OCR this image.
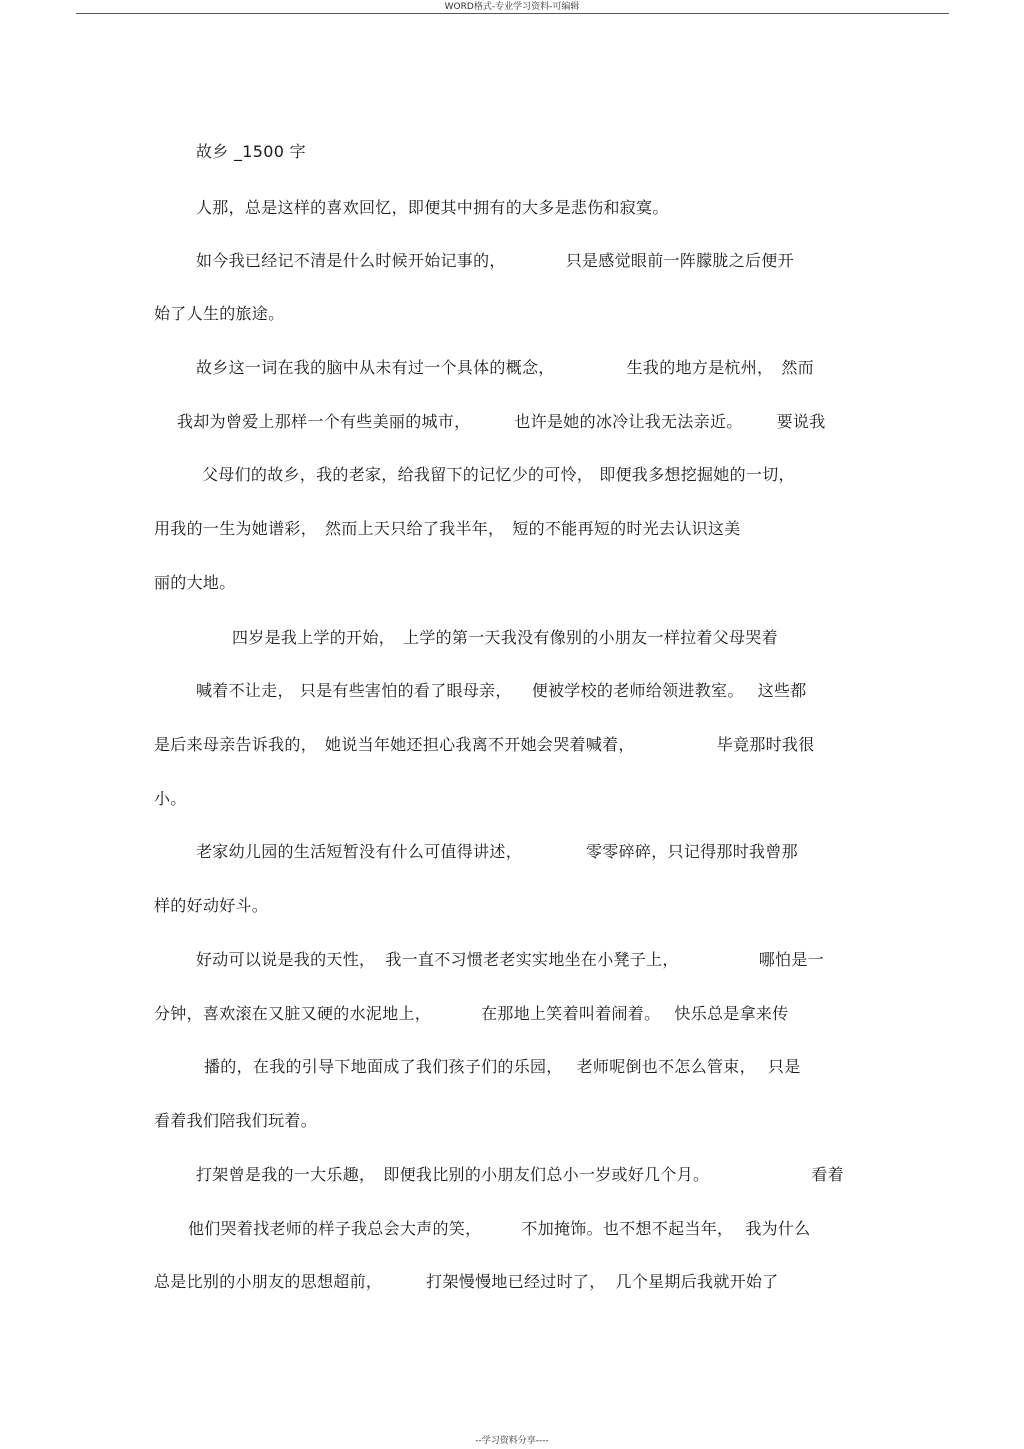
WORD格式-专业学习资料-可编辑
故乡 _1500 字
人那，总是这样的喜欢回忆，即便其中拥有的大多是悲伤和寂寞。
如今我已经记不清是什么时候开始记事的，	只是感觉眼前一阵朦胧之后便开
始了人生的旅途。
故乡这一词在我的脑中从未有过一个具体的概念，	生我的地方是杭州， 然而
我却为曾爱上那样一个有些美丽的城市，	也许是她的冰冷让我无法亲近。 要说我
父母们的故乡，我的老家，给我留下的记忆少的可怜， 即便我多想挖掘她的一切，
用我的一生为她谱彩， 然而上天只给了我半年， 短的不能再短的时光去认识这美
丽的大地。
四岁是我上学的开始， 上学的第一天我没有像别的小朋友一样拉着父母哭着
喊着不让走， 只是有些害怕的看了眼母亲， 便被学校的老师给领进教室。 这些都
是后来母亲告诉我的， 她说当年她还担心我离不开她会哭着喊着，	毕竟那时我很
小。
老家幼儿园的生活短暂没有什么可值得讲述，	零零碎碎，只记得那时我曾那
样的好动好斗。
好动可以说是我的天性， 我一直不习惯老老实实地坐在小凳子上，	哪怕是一
分钟，喜欢滚在又脏又硬的水泥地上，	在那地上笑着叫着闹着。 快乐总是拿来传
播的，在我的引导下地面成了我们孩子们的乐园， 老师呢倒也不怎么管束， 只是
看着我们陪我们玩着。
打架曾是我的一大乐趣， 即便我比别的小朋友们总小一岁或好几个月。	看着
他们哭着找老师的样子我总会大声的笑，	不加掩饰。也不想不起当年， 我为什么
总是比别的小朋友的思想超前，	打架慢慢地已经过时了， 几个星期后我就开始了
--学习资料分享----
